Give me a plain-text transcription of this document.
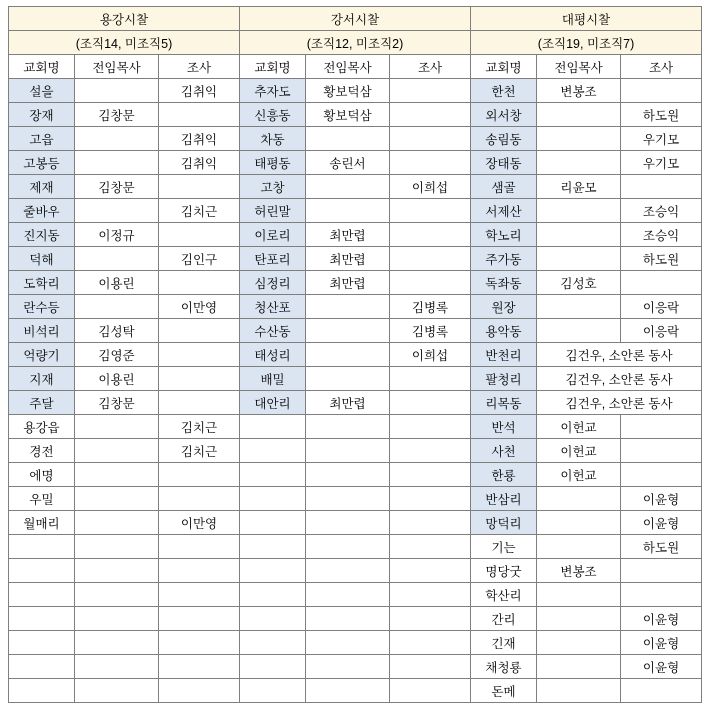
용강시찰			강서시찰			대평시찰		
(조직14, 미조직5)			(조직12, 미조직2)			(조직19, 미조직7)		
교회명	전임목사	조사	교회명	전임목사	조사	교회명	전임목사	조사
설을		김취익	추자도	황보덕삼		한천	변봉조	
장재	김창문		신흥동	황보덕삼		외서창		하도원
고읍		김취익	차동			송림동		우기모
고봉등		김취익	태평동	송린서		장태동		우기모
제재	김창문		고창		이희섭	샘골	리윤모	
줄바우		김치근	허린말			서제산		조승익
진지동	이정규		이로리	최만렵		학노리		조승익
덕해		김인구	탄포리	최만렵		주가동		하도원
도학리	이용린		심정리	최만렵		독좌동	김성호	
란수등		이만영	청산포		김병록	원장		이응락
비석리	김성탁		수산동		김병록	용악동		이응락
억량기	김영준		태성리		이희섭	반천리	김건우, 소안론 동사	
지재	이용린		배밀			팔청리	김건우, 소안론 동사	
주달	김창문		대안리	최만렵		리목동	김건우, 소안론 동사	
용강읍		김치근				반석	이헌교	
경전		김치근				사천	이헌교	
에명						한룡	이헌교	
우밀						반삼리		이윤형
월매리		이만영				망덕리		이윤형
						기는		하도원
						명당굿	변봉조	
						학산리		
						간리		이윤형
						긴재		이윤형
						채청룡		이윤형
						돈메		
